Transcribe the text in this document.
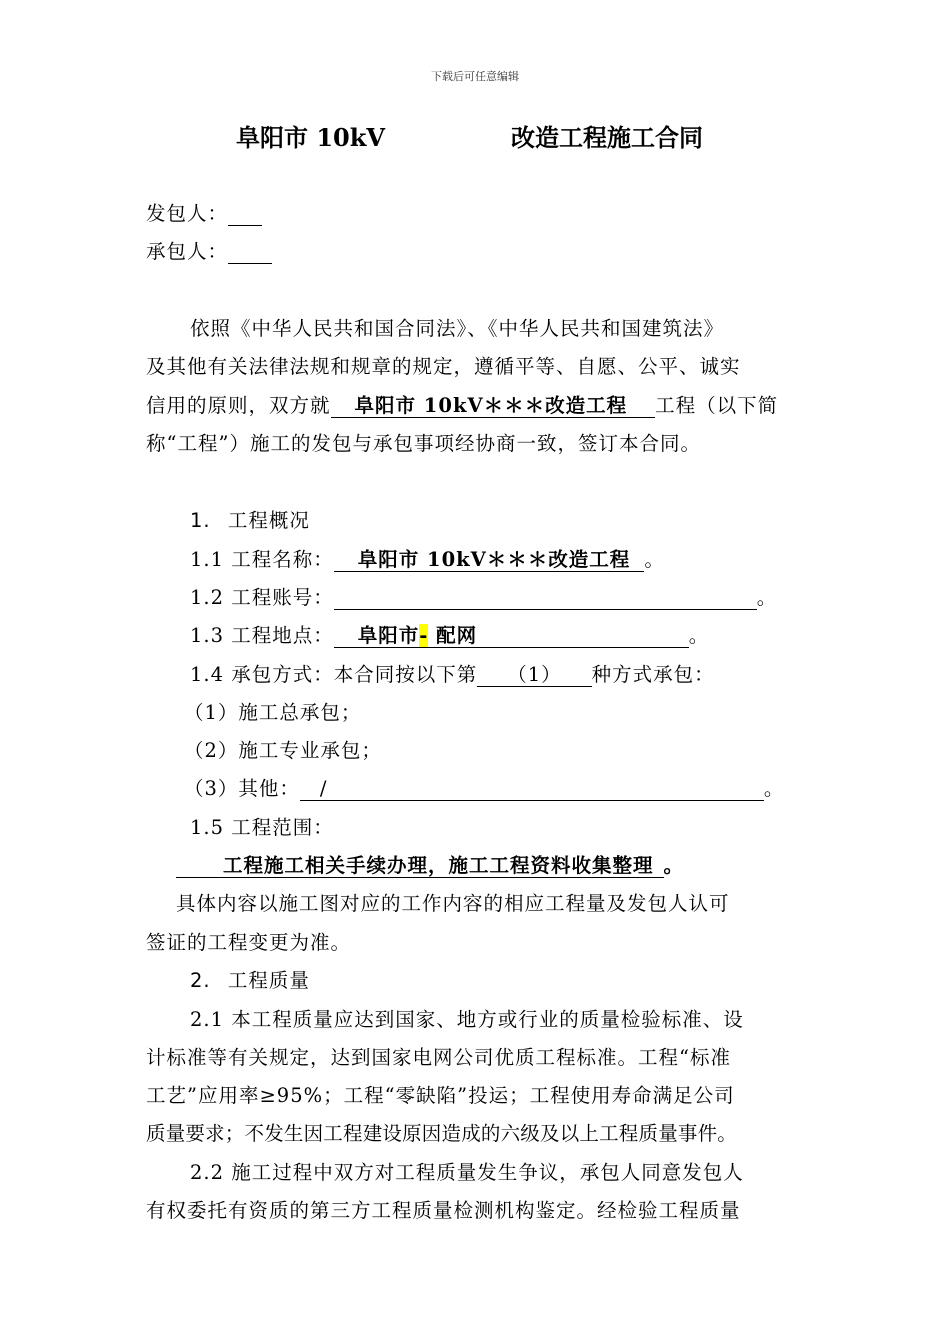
下载后可任意编辑
阜阳市 10kV	改造工程施工合同
发包人：
承包人：
依照《中华人民共和国合同法》、《中华人民共和国建筑法》
及其他有关法律法规和规章的规定，遵循平等、自愿、公平、诚实
信用的原则，双方就 阜阳市 10kV＊＊＊改造工程 工程（以下简
称“工程”）施工的发包与承包事项经协商一致，签订本合同。
1. 工程概况
1.1 工程名称： 阜阳市 10kV＊＊＊改造工程 。
1.2 工程账号：	。
1.3 工程地点： 阜阳市- 配网	。
1.4 承包方式：本合同按以下第 （1） 种方式承包：
（1）施工总承包；
（2）施工专业承包；
（3）其他： /	。
1.5 工程范围：
工程施工相关手续办理，施工工程资料收集整理 。
具体内容以施工图对应的工作内容的相应工程量及发包人认可
签证的工程变更为准。
2. 工程质量
2.1 本工程质量应达到国家、地方或行业的质量检验标准、设
计标准等有关规定，达到国家电网公司优质工程标准。工程“标准
工艺”应用率≥95%；工程“零缺陷”投运；工程使用寿命满足公司
质量要求；不发生因工程建设原因造成的六级及以上工程质量事件。
2.2 施工过程中双方对工程质量发生争议，承包人同意发包人
有权委托有资质的第三方工程质量检测机构鉴定。经检验工程质量
